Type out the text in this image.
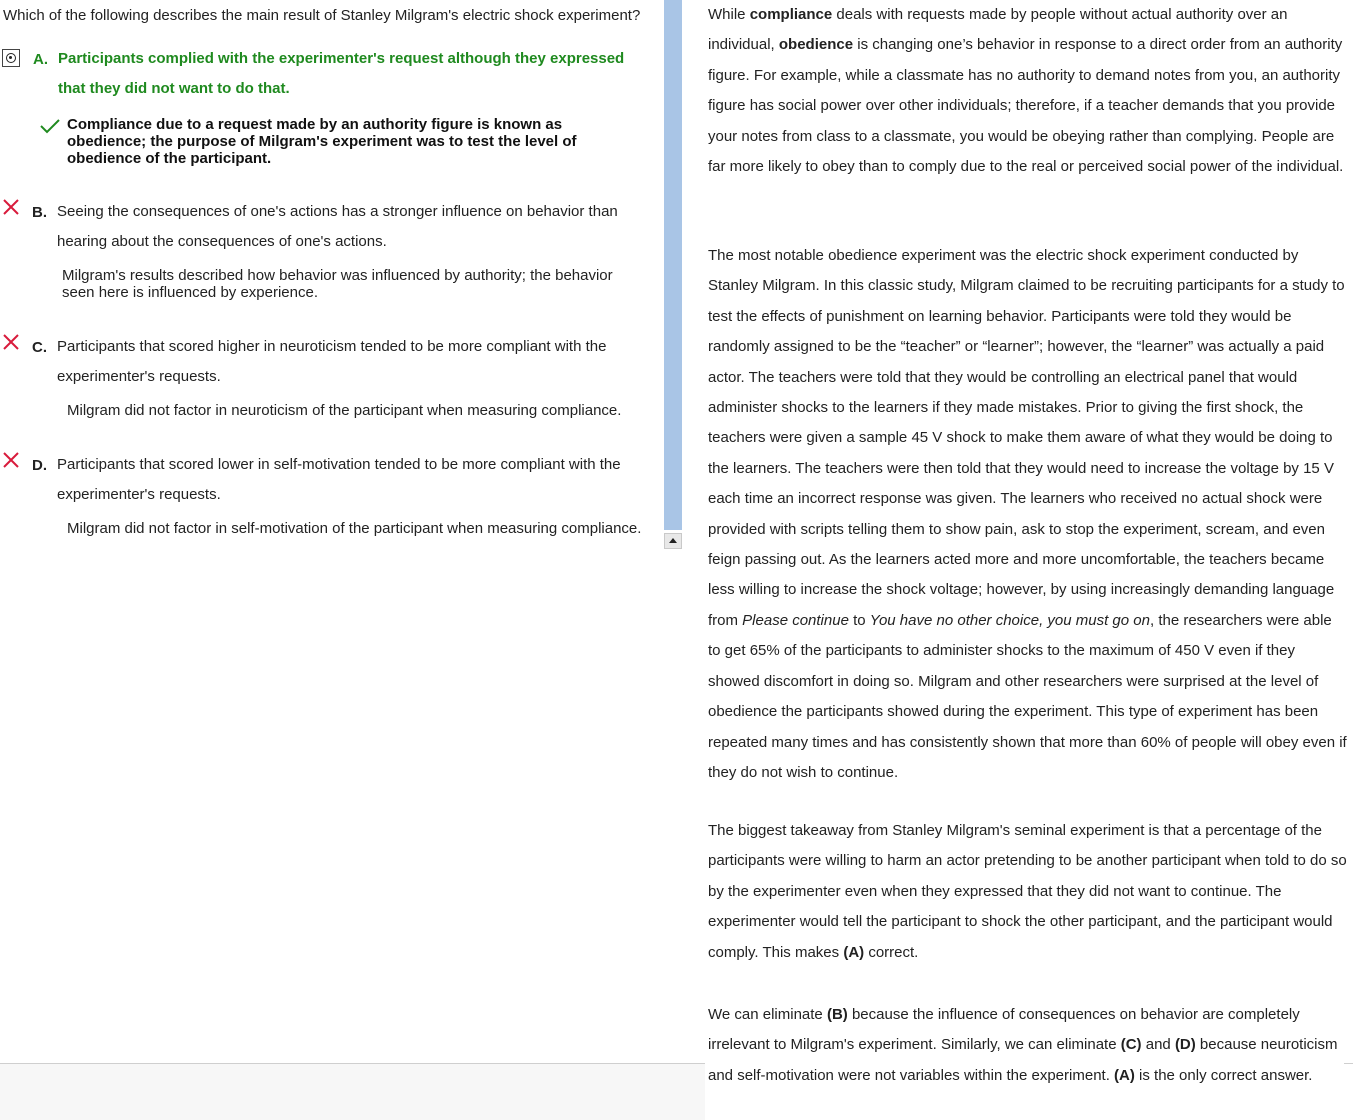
Which of the following describes the main result of Stanley Milgram's electric shock experiment?
A. Participants complied with the experimenter's request although they expressed that they did not want to do that.
Compliance due to a request made by an authority figure is known as obedience; the purpose of Milgram's experiment was to test the level of obedience of the participant.
B. Seeing the consequences of one's actions has a stronger influence on behavior than hearing about the consequences of one's actions.
Milgram's results described how behavior was influenced by authority; the behavior seen here is influenced by experience.
C. Participants that scored higher in neuroticism tended to be more compliant with the experimenter's requests.
Milgram did not factor in neuroticism of the participant when measuring compliance.
D. Participants that scored lower in self-motivation tended to be more compliant with the experimenter's requests.
Milgram did not factor in self-motivation of the participant when measuring compliance.

While compliance deals with requests made by people without actual authority over an individual, obedience is changing one’s behavior in response to a direct order from an authority figure. For example, while a classmate has no authority to demand notes from you, an authority figure has social power over other individuals; therefore, if a teacher demands that you provide your notes from class to a classmate, you would be obeying rather than complying. People are far more likely to obey than to comply due to the real or perceived social power of the individual.

The most notable obedience experiment was the electric shock experiment conducted by Stanley Milgram. In this classic study, Milgram claimed to be recruiting participants for a study to test the effects of punishment on learning behavior. Participants were told they would be randomly assigned to be the “teacher” or “learner”; however, the “learner” was actually a paid actor. The teachers were told that they would be controlling an electrical panel that would administer shocks to the learners if they made mistakes. Prior to giving the first shock, the teachers were given a sample 45 V shock to make them aware of what they would be doing to the learners. The teachers were then told that they would need to increase the voltage by 15 V each time an incorrect response was given. The learners who received no actual shock were provided with scripts telling them to show pain, ask to stop the experiment, scream, and even feign passing out. As the learners acted more and more uncomfortable, the teachers became less willing to increase the shock voltage; however, by using increasingly demanding language from Please continue to You have no other choice, you must go on, the researchers were able to get 65% of the participants to administer shocks to the maximum of 450 V even if they showed discomfort in doing so. Milgram and other researchers were surprised at the level of obedience the participants showed during the experiment. This type of experiment has been repeated many times and has consistently shown that more than 60% of people will obey even if they do not wish to continue.

The biggest takeaway from Stanley Milgram's seminal experiment is that a percentage of the participants were willing to harm an actor pretending to be another participant when told to do so by the experimenter even when they expressed that they did not want to continue. The experimenter would tell the participant to shock the other participant, and the participant would comply. This makes (A) correct.

We can eliminate (B) because the influence of consequences on behavior are completely irrelevant to Milgram's experiment. Similarly, we can eliminate (C) and (D) because neuroticism and self-motivation were not variables within the experiment. (A) is the only correct answer.
